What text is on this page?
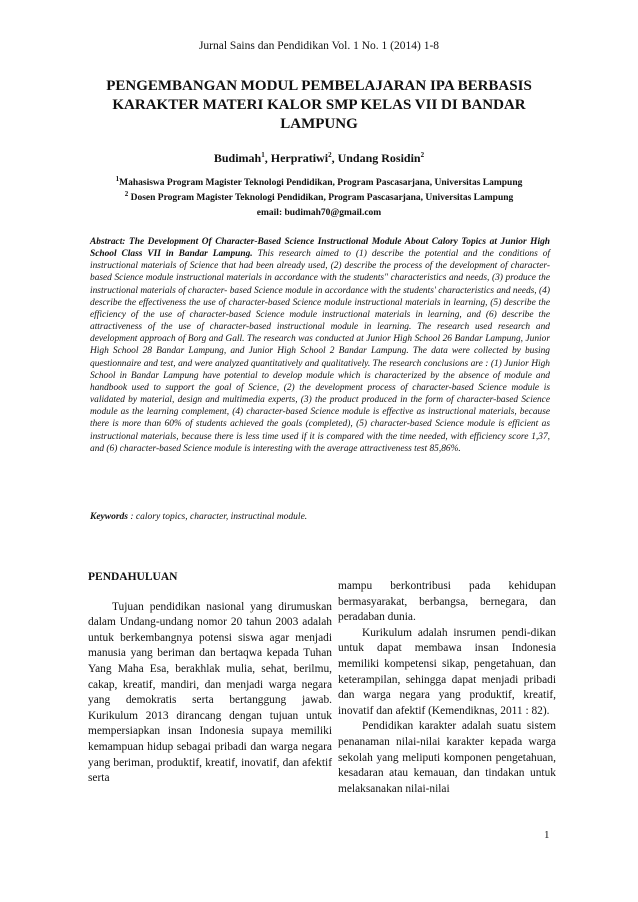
Jurnal Sains dan Pendidikan Vol. 1 No. 1 (2014) 1-8
PENGEMBANGAN MODUL PEMBELAJARAN IPA BERBASIS
KARAKTER MATERI KALOR SMP KELAS VII DI BANDAR
LAMPUNG
Budimah$^1$, Herpratiwi$^2$, Undang Rosidin$^2$
$^1$Mahasiswa Program Magister Teknologi Pendidikan, Program Pascasarjana, Universitas Lampung
$^2$ Dosen Program Magister Teknologi Pendidikan, Program Pascasarjana, Universitas Lampung
email: budimah70@gmail.com
Abstract: The Development Of Character-Based Science Instructional Module About Calory Topics at Junior High School Class VII in Bandar Lampung. This research aimed to (1) describe the potential and the conditions of instructional materials of Science that had been already used, (2) describe the process of the development of character-based Science module instructional materials in accordance with the students" characteristics and needs, (3) produce the instructional materials of character- based Science module in accordance with the students' characteristics and needs, (4) describe the effectiveness the use of character-based Science module instructional materials in learning, (5) describe the efficiency of the use of character-based Science module instructional materials in learning, and (6) describe the attractiveness of the use of character-based instructional module in learning. The research used research and development approach of Borg and Gall. The research was conducted at Junior High School 26 Bandar Lampung, Junior High School 28 Bandar Lampung, and Junior High School 2 Bandar Lampung. The data were collected by busing questionnaire and test, and were analyzed quantitatively and qualitatively. The research conclusions are : (1) Junior High School in Bandar Lampung have potential to develop module which is characterized by the absence of module and handbook used to support the goal of Science, (2) the development process of character-based Science module is validated by material, design and multimedia experts, (3) the product produced in the form of character-based Science module as the learning complement, (4) character-based Science module is effective as instructional materials, because there is more than 60% of students achieved the goals (completed), (5) character-based Science module is efficient as instructional materials, because there is less time used if it is compared with the time needed, with efficiency score 1,37, and (6) character-based Science module is interesting with the average attractiveness test 85,86%.
Keywords : calory topics, character, instructinal module.

PENDAHULUAN

Tujuan pendidikan nasional yang dirumuskan dalam Undang-undang nomor 20 tahun 2003 adalah untuk berkembangnya potensi siswa agar menjadi manusia yang beriman dan bertaqwa kepada Tuhan Yang Maha Esa, berakhlak mulia, sehat, berilmu, cakap, kreatif, mandiri, dan menjadi warga negara yang demokratis serta bertanggung jawab. Kurikulum 2013 dirancang dengan tujuan untuk mempersiapkan insan Indonesia supaya memiliki kemampuan hidup sebagai pribadi dan warga negara yang beriman, produktif, kreatif, inovatif, dan afektif serta

mampu berkontribusi pada kehidupan bermasyarakat, berbangsa, bernegara, dan peradaban dunia.

Kurikulum adalah insrumen pendi-dikan untuk dapat membawa insan Indonesia memiliki kompetensi sikap, pengetahuan, dan keterampilan, sehingga dapat menjadi pribadi dan warga negara yang produktif, kreatif, inovatif dan afektif (Kemendiknas, 2011 : 82).

Pendidikan karakter adalah suatu sistem penanaman nilai-nilai karakter kepada warga sekolah yang meliputi komponen pengetahuan, kesadaran atau kemauan, dan tindakan untuk melaksanakan nilai-nilai

1
